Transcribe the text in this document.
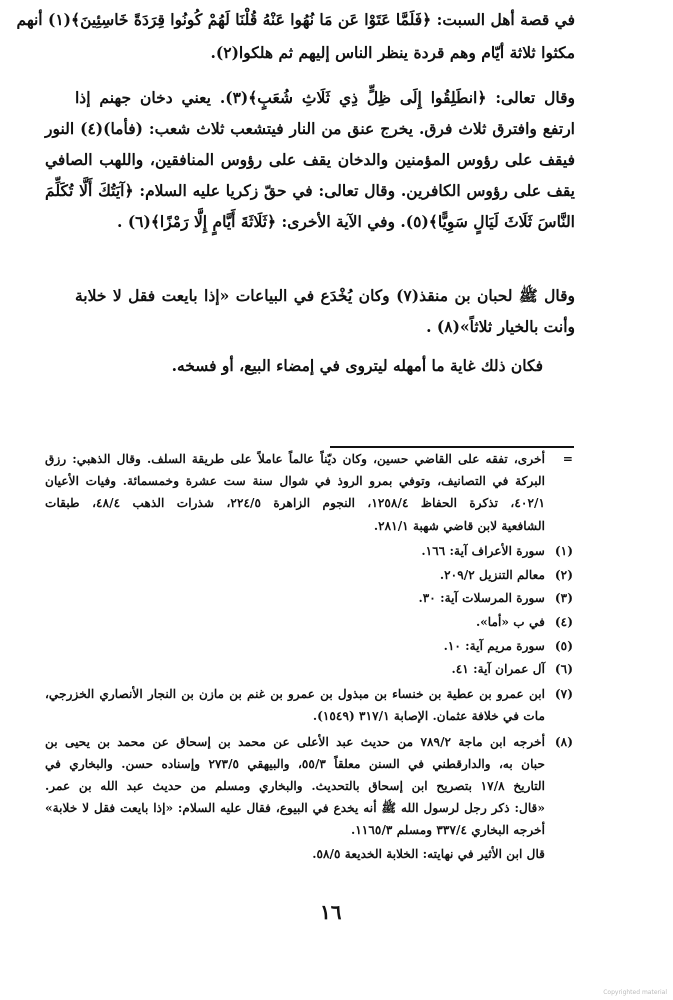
في قصة أهل السبت: ﴿فَلَمَّا عَتَوْا عَن مَا نُهُوا عَنْهُ قُلْنَا لَهُمْ كُونُوا قِرَدَةً خَاسِئِينَ﴾(١) أنهم
مكثوا ثلاثة أيّام وهم قردة ينظر الناس إليهم ثم هلكوا(٢).
وقال تعالى: ﴿انطَلِقُوا إِلَى ظِلٍّ ذِي ثَلَاثِ شُعَبٍ﴾(٣). يعني دخان جهنم إذا
ارتفع وافترق ثلاث فرق. يخرج عنق من النار فيتشعب ثلاث شعب: (فأما)(٤) النور
فيقف على رؤوس المؤمنين والدخان يقف على رؤوس المنافقين، واللهب الصافي
يقف على رؤوس الكافرين. وقال تعالى: في حقّ زكريا عليه السلام: ﴿آيَتُكَ أَلَّا تُكَلِّمَ
النَّاسَ ثَلَاثَ لَيَالٍ سَوِيًّا﴾(٥). وفي الآية الأخرى: ﴿ثَلَاثَةَ أَيَّامٍ إِلَّا رَمْزًا﴾(٦) .
وقال ﷺ لحبان بن منقذ(٧) وكان يُخْدَع في البياعات «إذا بايعت فقل لا خلابة
وأنت بالخيار ثلاثاً»(٨) .
فكان ذلك غاية ما أمهله ليتروى في إمضاء البيع، أو فسخه.
=
أخرى، تفقه على القاضي حسين، وكان ديّناً عالماً عاملاً على طريقة السلف. وقال الذهبي: رزق
البركة في التصانيف، وتوفي بمرو الروذ في شوال سنة ست عشرة وخمسمائة. وفيات الأعيان
٤٠٢/١، تذكرة الحفاظ ١٢٥٨/٤، النجوم الزاهرة ٢٢٤/٥، شذرات الذهب ٤٨/٤، طبقات
الشافعية لابن قاضي شهبة ٢٨١/١.
(١)
سورة الأعراف آية: ١٦٦.
(٢)
معالم التنزيل ٢٠٩/٢.
(٣)
سورة المرسلات آية: ٣٠.
(٤)
في ب «أما».
(٥)
سورة مريم آية: ١٠.
(٦)
آل عمران آية: ٤١.
(٧)
ابن عمرو بن عطية بن خنساء بن مبذول بن عمرو بن غنم بن مازن بن النجار الأنصاري الخزرجي،
مات في خلافة عثمان. الإصابة ٣١٧/١ (١٥٤٩).
(٨)
أخرجه ابن ماجة ٧٨٩/٢ من حديث عبد الأعلى عن محمد بن إسحاق عن محمد بن يحيى بن
حبان به، والدارقطني في السنن معلقاً ٥٥/٣، والبيهقي ٢٧٣/٥ وإسناده حسن. والبخاري في
التاريخ ١٧/٨ بتصريح ابن إسحاق بالتحديث. والبخاري ومسلم من حديث عبد الله بن عمر.
«قال: ذكر رجل لرسول الله ﷺ أنه يخدع في البيوع، فقال عليه السلام: «إذا بايعت فقل لا خلابة»
أخرجه البخاري ٣٣٧/٤ ومسلم ١١٦٥/٣.
قال ابن الأثير في نهايته: الخلابة الخديعة ٥٨/٥.
١٦
Copyrighted material
